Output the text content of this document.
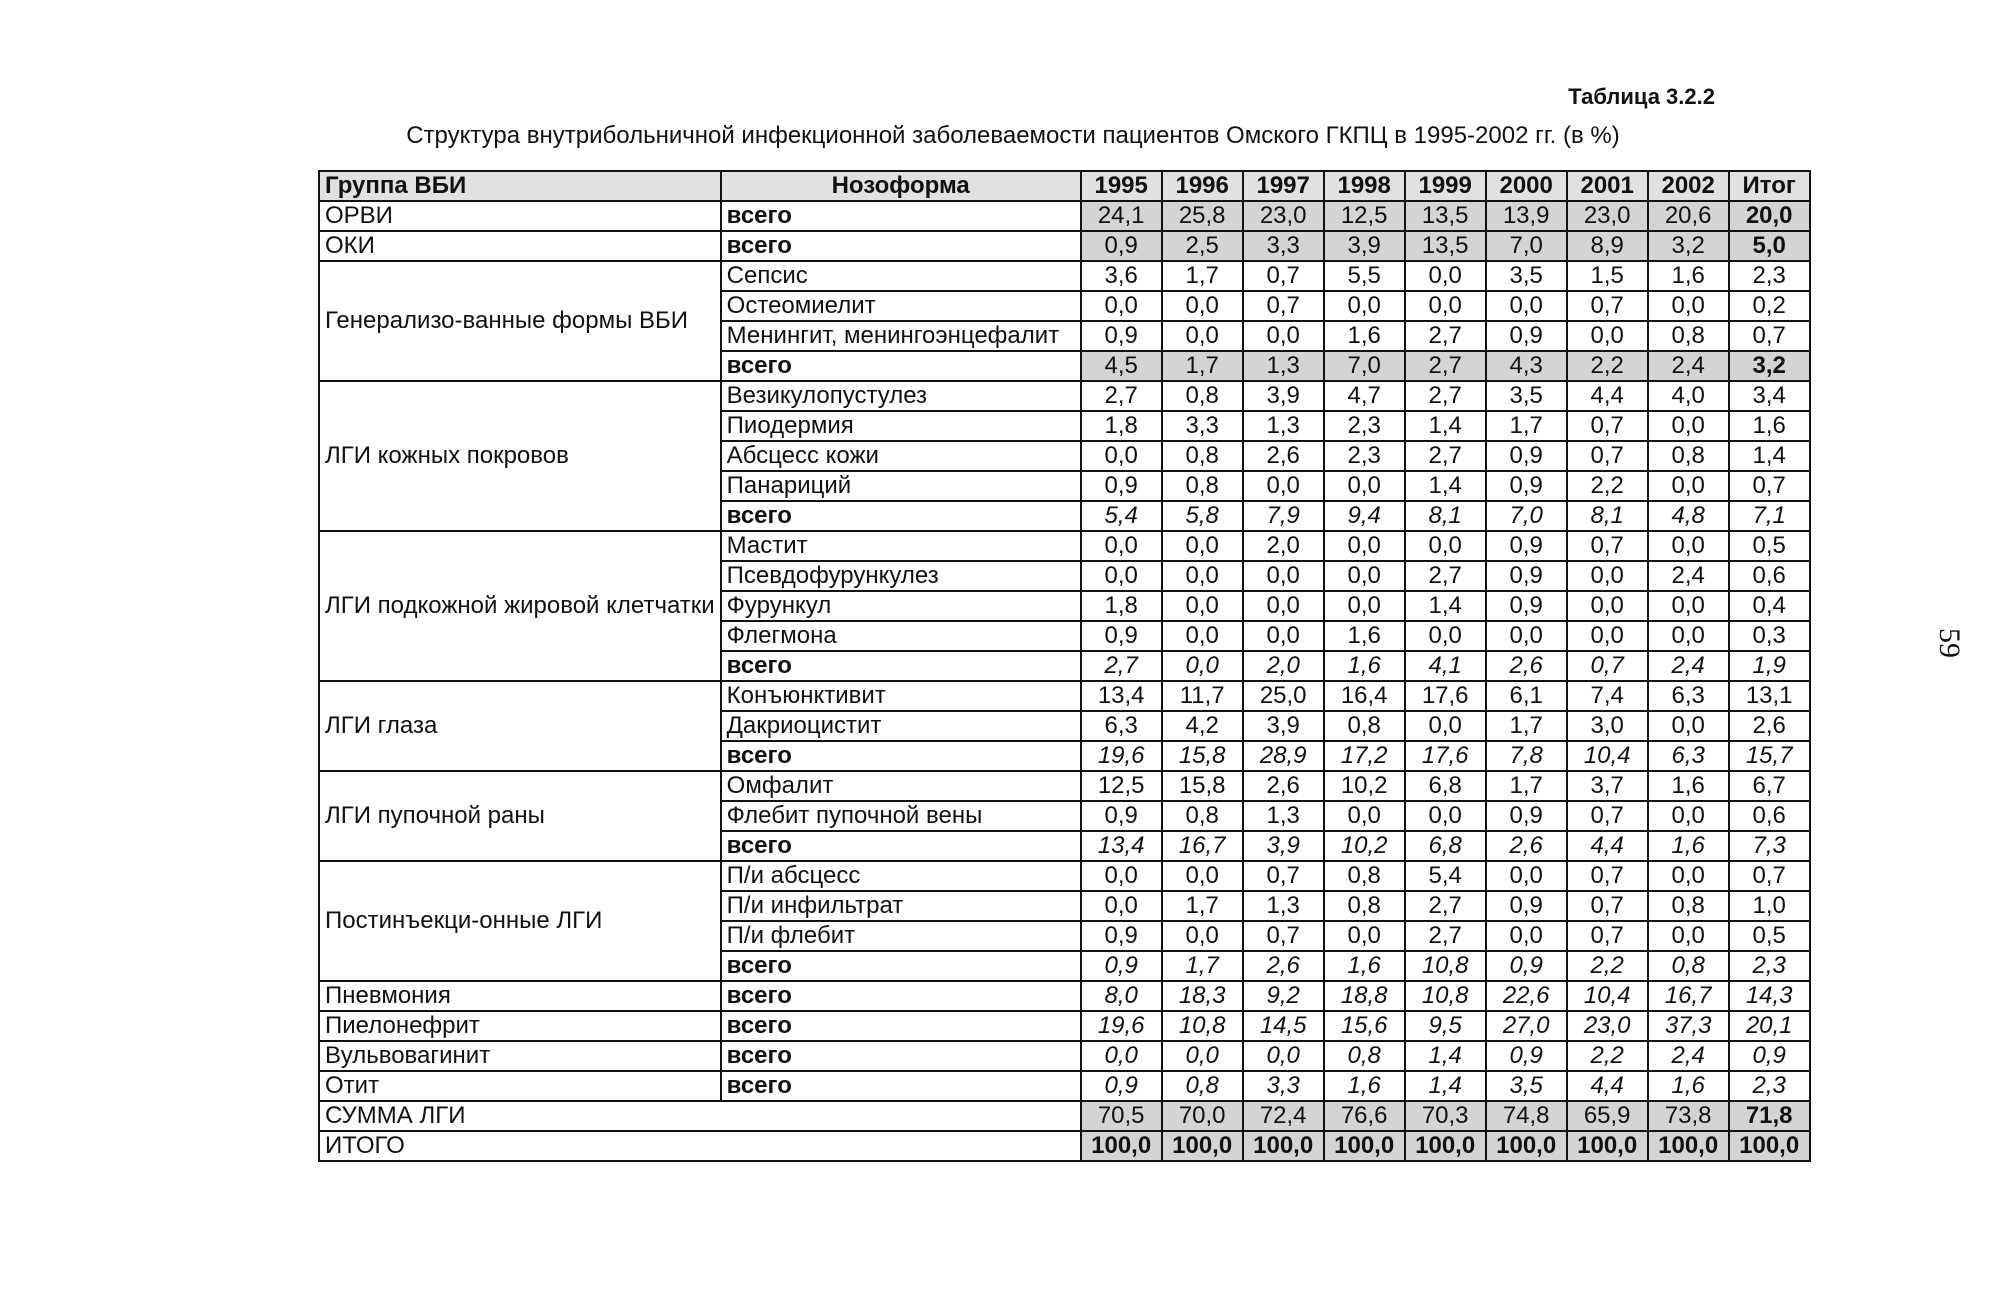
Таблица 3.2.2
Структура внутрибольничной инфекционной заболеваемости пациентов Омского ГКПЦ в 1995-2002 гг. (в %)
59
Группа ВБИ	Нозоформа	1995	1996	1997	1998	1999	2000	2001	2002	Итог
ОРВИ	всего	24,1	25,8	23,0	12,5	13,5	13,9	23,0	20,6	20,0
ОКИ	всего	0,9	2,5	3,3	3,9	13,5	7,0	8,9	3,2	5,0
Генерализо-ванные формы ВБИ	Сепсис	3,6	1,7	0,7	5,5	0,0	3,5	1,5	1,6	2,3
	Остеомиелит	0,0	0,0	0,7	0,0	0,0	0,0	0,7	0,0	0,2
	Менингит, менингоэнцефалит	0,9	0,0	0,0	1,6	2,7	0,9	0,0	0,8	0,7
	всего	4,5	1,7	1,3	7,0	2,7	4,3	2,2	2,4	3,2
ЛГИ кожных покровов	Везикулопустулез	2,7	0,8	3,9	4,7	2,7	3,5	4,4	4,0	3,4
	Пиодермия	1,8	3,3	1,3	2,3	1,4	1,7	0,7	0,0	1,6
	Абсцесс кожи	0,0	0,8	2,6	2,3	2,7	0,9	0,7	0,8	1,4
	Панариций	0,9	0,8	0,0	0,0	1,4	0,9	2,2	0,0	0,7
	всего	5,4	5,8	7,9	9,4	8,1	7,0	8,1	4,8	7,1
ЛГИ подкожной жировой клетчатки	Мастит	0,0	0,0	2,0	0,0	0,0	0,9	0,7	0,0	0,5
	Псевдофурункулез	0,0	0,0	0,0	0,0	2,7	0,9	0,0	2,4	0,6
	Фурункул	1,8	0,0	0,0	0,0	1,4	0,9	0,0	0,0	0,4
	Флегмона	0,9	0,0	0,0	1,6	0,0	0,0	0,0	0,0	0,3
	всего	2,7	0,0	2,0	1,6	4,1	2,6	0,7	2,4	1,9
ЛГИ глаза	Конъюнктивит	13,4	11,7	25,0	16,4	17,6	6,1	7,4	6,3	13,1
	Дакриоцистит	6,3	4,2	3,9	0,8	0,0	1,7	3,0	0,0	2,6
	всего	19,6	15,8	28,9	17,2	17,6	7,8	10,4	6,3	15,7
ЛГИ пупочной раны	Омфалит	12,5	15,8	2,6	10,2	6,8	1,7	3,7	1,6	6,7
	Флебит пупочной вены	0,9	0,8	1,3	0,0	0,0	0,9	0,7	0,0	0,6
	всего	13,4	16,7	3,9	10,2	6,8	2,6	4,4	1,6	7,3
Постинъекци-онные ЛГИ	П/и абсцесс	0,0	0,0	0,7	0,8	5,4	0,0	0,7	0,0	0,7
	П/и инфильтрат	0,0	1,7	1,3	0,8	2,7	0,9	0,7	0,8	1,0
	П/и флебит	0,9	0,0	0,7	0,0	2,7	0,0	0,7	0,0	0,5
	всего	0,9	1,7	2,6	1,6	10,8	0,9	2,2	0,8	2,3
Пневмония	всего	8,0	18,3	9,2	18,8	10,8	22,6	10,4	16,7	14,3
Пиелонефрит	всего	19,6	10,8	14,5	15,6	9,5	27,0	23,0	37,3	20,1
Вульвовагинит	всего	0,0	0,0	0,0	0,8	1,4	0,9	2,2	2,4	0,9
Отит	всего	0,9	0,8	3,3	1,6	1,4	3,5	4,4	1,6	2,3
СУММА ЛГИ		70,5	70,0	72,4	76,6	70,3	74,8	65,9	73,8	71,8
ИТОГО		100,0	100,0	100,0	100,0	100,0	100,0	100,0	100,0	100,0
